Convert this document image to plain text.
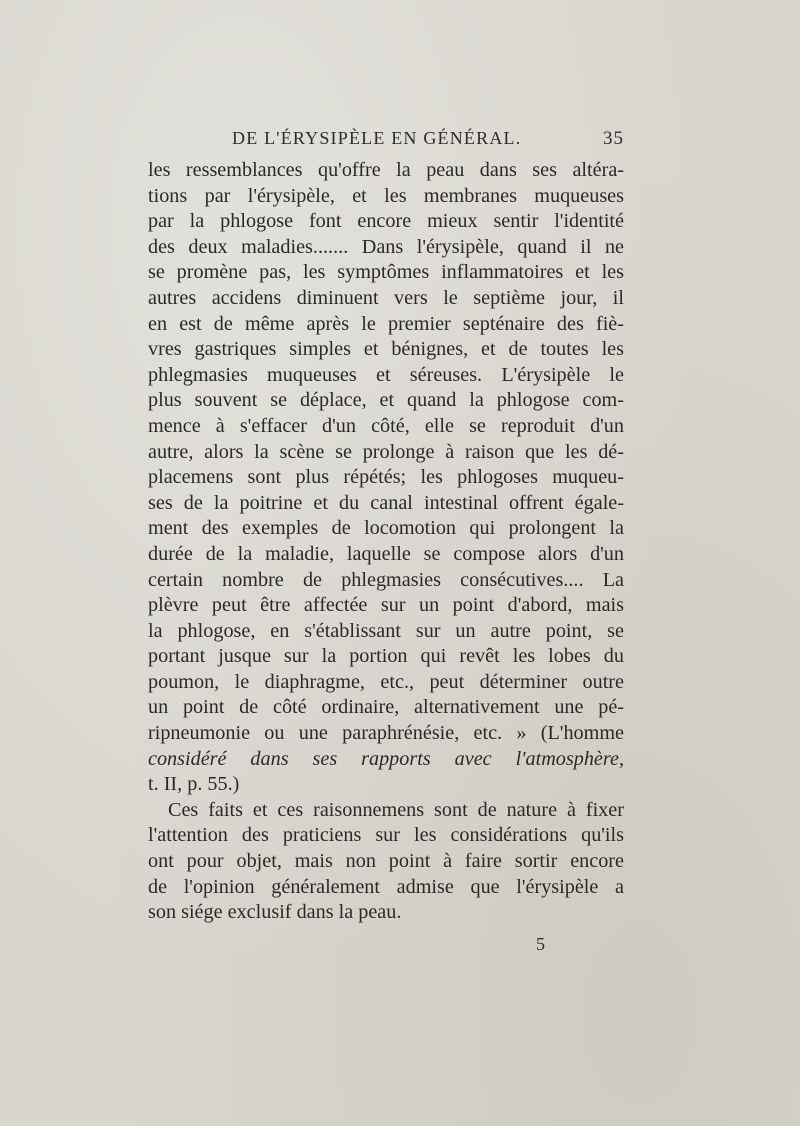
DE L'ÉRYSIPÈLE EN GÉNÉRAL.	35
les ressemblances qu'offre la peau dans ses altéra-
tions par l'érysipèle, et les membranes muqueuses
par la phlogose font encore mieux sentir l'identité
des deux maladies....... Dans l'érysipèle, quand il ne
se promène pas, les symptômes inflammatoires et les
autres accidens diminuent vers le septième jour, il
en est de même après le premier septénaire des fiè-
vres gastriques simples et bénignes, et de toutes les
phlegmasies muqueuses et séreuses. L'érysipèle le
plus souvent se déplace, et quand la phlogose com-
mence à s'effacer d'un côté, elle se reproduit d'un
autre, alors la scène se prolonge à raison que les dé-
placemens sont plus répétés; les phlogoses muqueu-
ses de la poitrine et du canal intestinal offrent égale-
ment des exemples de locomotion qui prolongent la
durée de la maladie, laquelle se compose alors d'un
certain nombre de phlegmasies consécutives.... La
plèvre peut être affectée sur un point d'abord, mais
la phlogose, en s'établissant sur un autre point, se
portant jusque sur la portion qui revêt les lobes du
poumon, le diaphragme, etc., peut déterminer outre
un point de côté ordinaire, alternativement une pé-
ripneumonie ou une paraphrénésie, etc. » (L'homme
considéré dans ses rapports avec l'atmosphère,
t. II, p. 55.)
Ces faits et ces raisonnemens sont de nature à fixer
l'attention des praticiens sur les considérations qu'ils
ont pour objet, mais non point à faire sortir encore
de l'opinion généralement admise que l'érysipèle a
son siége exclusif dans la peau.
5
